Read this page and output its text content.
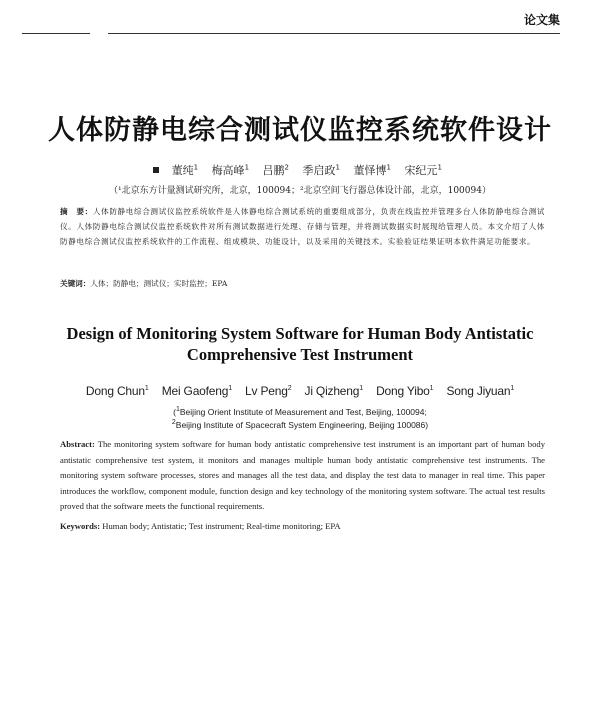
论文集
人体防静电综合测试仪监控系统软件设计
董纯$^1$ 梅高峰$^1$ 吕鹏$^2$ 季启政$^1$ 董怿博$^1$ 宋纪元$^1$
（¹北京东方计量测试研究所，北京，100094；²北京空间飞行器总体设计部，北京，100094）
摘　要：人体防静电综合测试仪监控系统软件是人体静电综合测试系统的重要组成部分，负责在线监控并管理多台人体防静电综合测试仪。人体防静电综合测试仪监控系统软件对所有测试数据进行处理、存储与管理，并将测试数据实时展现给管理人员。本文介绍了人体防静电综合测试仪监控系统软件的工作流程、组成模块、功能设计，以及采用的关键技术。实验验证结果证明本软件满足功能要求。
关键词：人体；防静电；测试仪；实时监控；EPA
Design of Monitoring System Software for Human Body Antistatic
Comprehensive Test Instrument
Dong Chun$^1$ Mei Gaofeng$^1$ Lv Peng$^2$ Ji Qizheng$^1$ Dong Yibo$^1$ Song Jiyuan$^1$
($^1$Beijing Orient Institute of Measurement and Test, Beijing, 100094;
$^2$Beijing Institute of Spacecraft System Engineering, Beijing 100086)
Abstract: The monitoring system software for human body antistatic comprehensive test instrument is an important part of human body antistatic comprehensive test system, it monitors and manages multiple human body antistatic comprehensive test instruments. The monitoring system software processes, stores and manages all the test data, and display the test data to manager in real time. This paper introduces the workflow, component module, function design and key technology of the monitoring system software. The actual test results proved that the software meets the functional requirements.
Keywords: Human body; Antistatic; Test instrument; Real-time monitoring; EPA
